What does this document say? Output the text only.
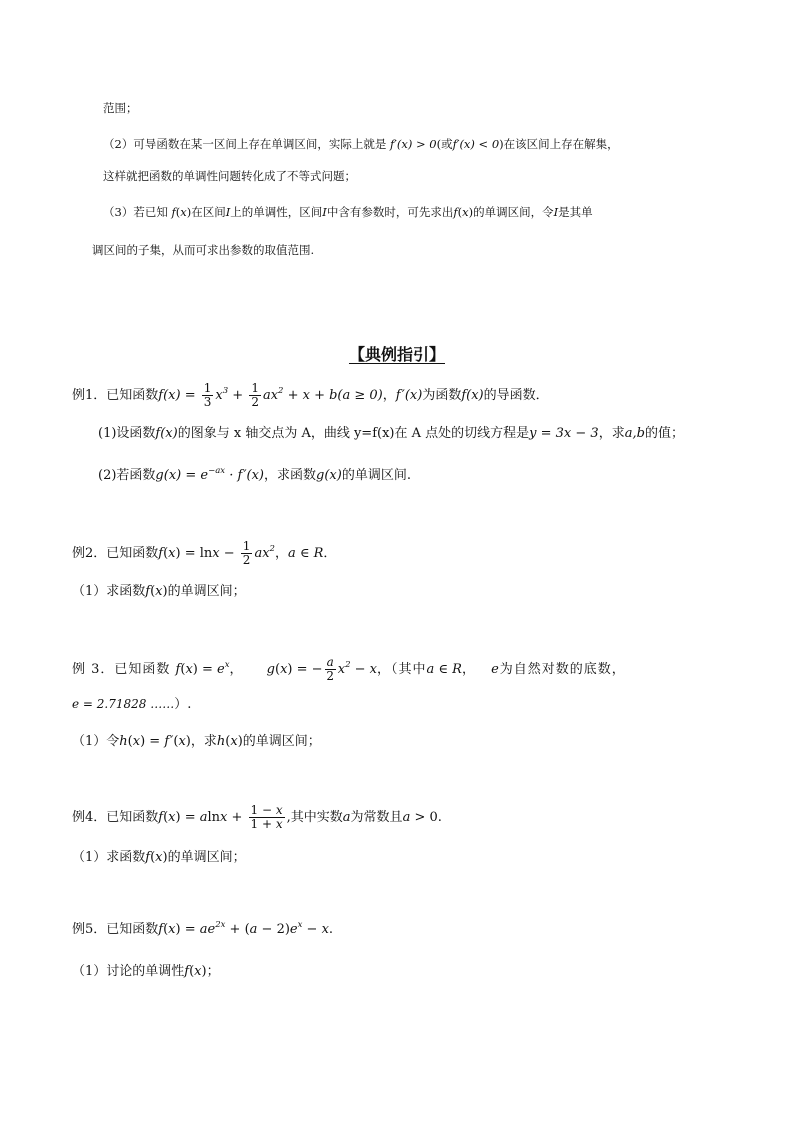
范围；
（2）可导函数在某一区间上存在单调区间，实际上就是 f′(x) > 0(或f′(x) < 0)在该区间上存在解集，
这样就把函数的单调性问题转化成了不等式问题；
（3）若已知 f(x)在区间I上的单调性，区间I中含有参数时，可先求出f(x)的单调区间，令I是其单
调区间的子集，从而可求出参数的取值范围.
【典例指引】
例1．已知函数$f(x) = \frac{1}{3} x^3 + \frac{1}{2} ax^2 + x + b(a \ge 0)$，f ′(x)为函数f(x)的导函数．
(1)设函数f(x)的图象与 x 轴交点为 A，曲线 y=f(x)在 A 点处的切线方程是y = 3x − 3，求a,b的值；
(2)若函数$g(x) = e^{-ax} \cdot f$ ′(x)，求函数g(x)的单调区间.
例2．已知函数$f(x) = \ln x - \frac{1}{2} ax^2$，a ∈ R．
（1）求函数f(x)的单调区间；
例 3．已知函数 $f(x) = e^x$， g(x) = − $\frac{a}{2} x^2 - x$，（其中a ∈ R， e为自然对数的底数，
e = 2.71828 ……）.
（1）令h(x) = f ′(x)，求h(x)的单调区间；
例4．已知函数$f(x) = alnx + \frac{1 - x}{1 + x}$ ,其中实数a为常数且a > 0.
（1）求函数f(x)的单调区间；
例5．已知函数$f(x) = ae^{2x} + (a - 2)e^x - x$.
（1）讨论的单调性f(x)；
